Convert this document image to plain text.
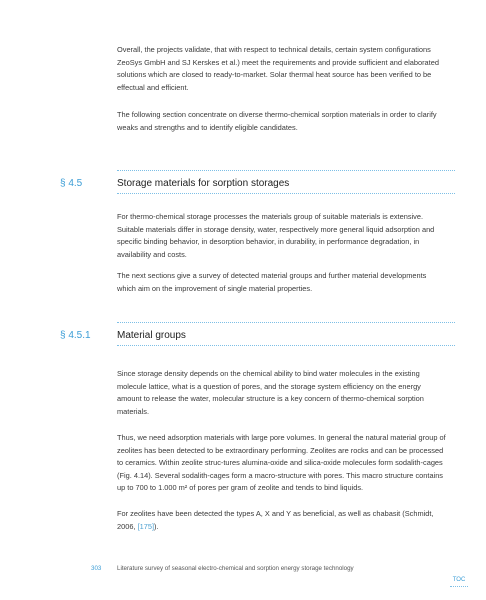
Overall, the projects validate, that with respect to technical details, certain system configurations ZeoSys GmbH and SJ Kerskes et al.) meet the requirements and provide sufficient and elaborated solutions which are closed to ready-to-market. Solar thermal heat source has been verified to be effectual and efficient.

The following section concentrate on diverse thermo-chemical sorption materials in order to clarify weaks and strengths and to identify eligible candidates.

§ 4.5	Storage materials for sorption storages

For thermo-chemical storage processes the materials group of suitable materials is extensive. Suitable materials differ in storage density, water, respectively more general liquid adsorption and specific binding behavior, in desorption behavior, in durability, in performance degradation, in availability and costs.

The next sections give a survey of detected material groups and further material developments which aim on the improvement of single material properties.

§ 4.5.1	Material groups

Since storage density depends on the chemical ability to bind water molecules in the existing molecule lattice, what is a question of pores, and the storage system efficiency on the energy amount to release the water, molecular structure is a key concern of thermo-chemical sorption materials.

Thus, we need adsorption materials with large pore volumes. In general the natural material group of zeolites has been detected to be extraordinary performing. Zeolites are rocks and can be processed to ceramics. Within zeolite struc-tures alumina-oxide and silica-oxide molecules form sodalith-cages (Fig. 4.14). Several sodalith-cages form a macro-structure with pores. This macro structure contains up to 700 to 1.000 m² of pores per gram of zeolite and tends to bind liquids.

For zeolites have been detected the types A, X and Y as beneficial, as well as chabasit (Schmidt, 2006, [175]).

303	Literature survey of seasonal electro-chemical and sorption energy storage technology
TOC
